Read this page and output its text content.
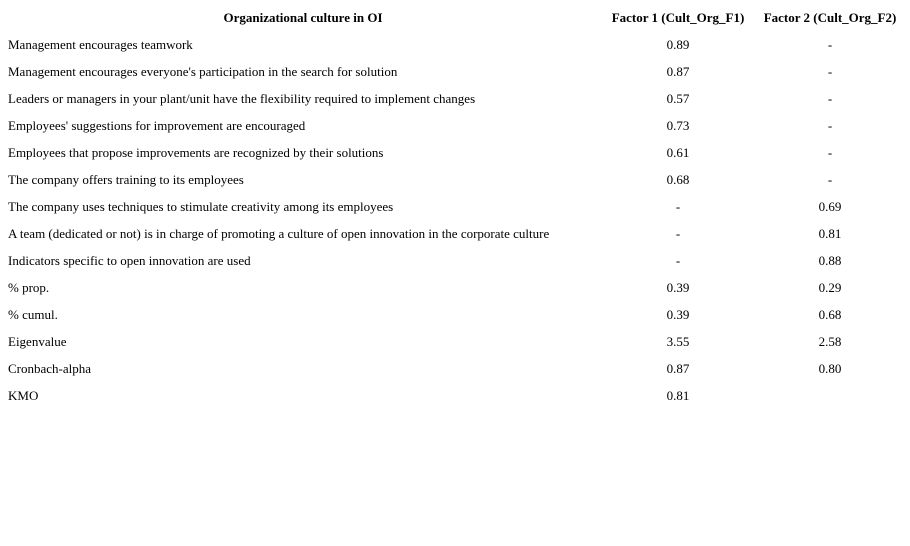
Organizational culture in OI	Factor 1 (Cult_Org_F1)	Factor 2 (Cult_Org_F2)
Management encourages teamwork	0.89	-
Management encourages everyone's participation in the search for solution	0.87	-
Leaders or managers in your plant/unit have the flexibility required to implement changes	0.57	-
Employees' suggestions for improvement are encouraged	0.73	-
Employees that propose improvements are recognized by their solutions	0.61	-
The company offers training to its employees	0.68	-
The company uses techniques to stimulate creativity among its employees	-	0.69
A team (dedicated or not) is in charge of promoting a culture of open innovation in the corporate culture	-	0.81
Indicators specific to open innovation are used	-	0.88
% prop.	0.39	0.29
% cumul.	0.39	0.68
Eigenvalue	3.55	2.58
Cronbach-alpha	0.87	0.80
KMO	0.81	
